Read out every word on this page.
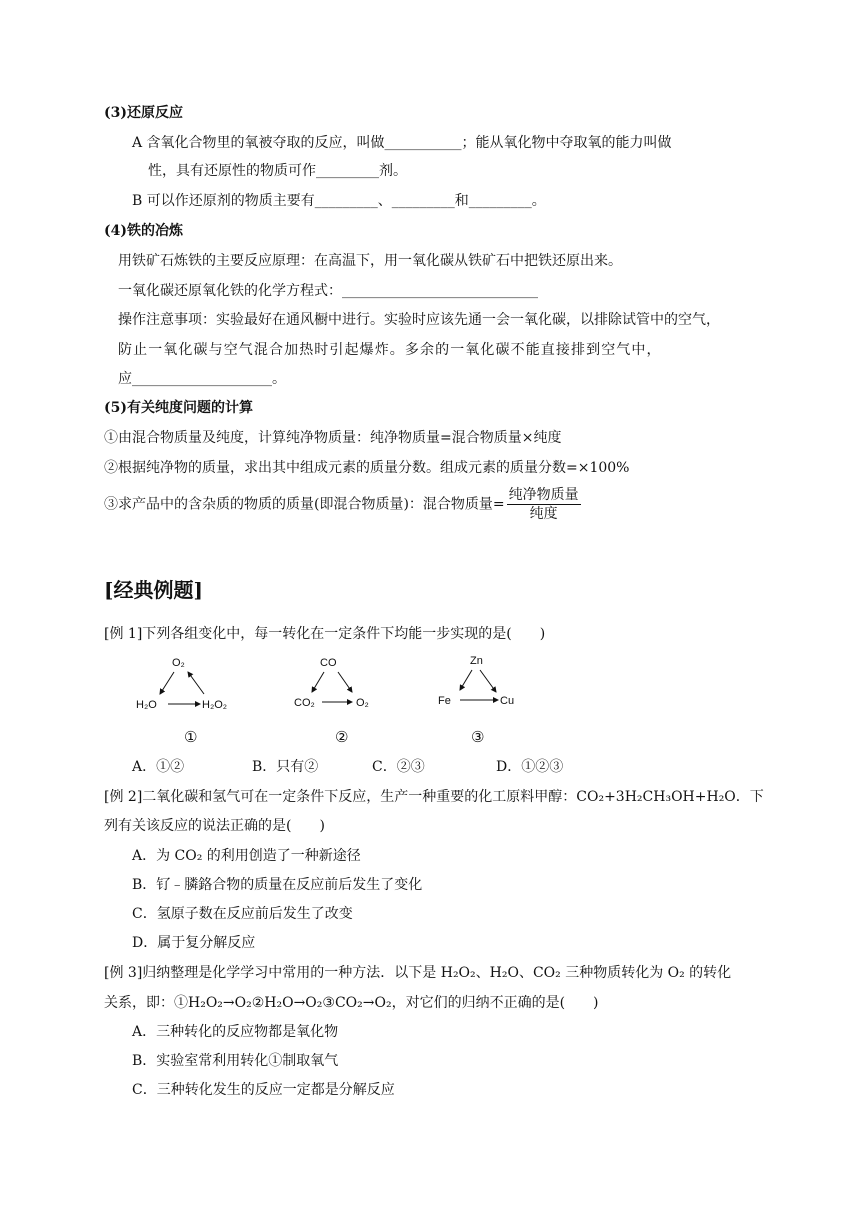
(3)还原反应
A 含氧化合物里的氧被夺取的反应，叫做___________；能从氧化物中夺取氧的能力叫做
性，具有还原性的物质可作_________剂。
B 可以作还原剂的物质主要有_________、_________和_________。
(4)铁的冶炼
用铁矿石炼铁的主要反应原理：在高温下，用一氧化碳从铁矿石中把铁还原出来。
一氧化碳还原氧化铁的化学方程式：____________________________
操作注意事项：实验最好在通风橱中进行。实验时应该先通一会一氧化碳，以排除试管中的空气，
防止一氧化碳与空气混合加热时引起爆炸。多余的一氧化碳不能直接排到空气中，
应____________________。
(5)有关纯度问题的计算
①由混合物质量及纯度，计算纯净物质量：纯净物质量=混合物质量×纯度
②根据纯净物的质量，求出其中组成元素的质量分数。组成元素的质量分数=×100%
③求产品中的含杂质的物质的质量(即混合物质量)：混合物质量= $\frac{\text{纯净物质量}}{\text{纯度}}$
[经典例题]
[例 1]下列各组变化中，每一转化在一定条件下均能一步实现的是(　　)
O₂
H₂O	H₂O₂
CO
CO₂	O₂
Zn
Fe	Cu
①	②	③
A．①②	B．只有②	C．②③	D．①②③
[例 2]二氧化碳和氢气可在一定条件下反应，生产一种重要的化工原料甲醇：CO₂+3H₂CH₃OH+H₂O．下
列有关该反应的说法正确的是(　　)
A．为 CO₂ 的利用创造了一种新途径
B．钌﹣膦鉻合物的质量在反应前后发生了变化
C．氢原子数在反应前后发生了改变
D．属于复分解反应
[例 3]归纳整理是化学学习中常用的一种方法．以下是 H₂O₂、H₂O、CO₂ 三种物质转化为 O₂ 的转化
关系，即：①H₂O₂→O₂②H₂O→O₂③CO₂→O₂，对它们的归纳不正确的是(　　)
A．三种转化的反应物都是氧化物
B．实验室常利用转化①制取氧气
C．三种转化发生的反应一定都是分解反应
